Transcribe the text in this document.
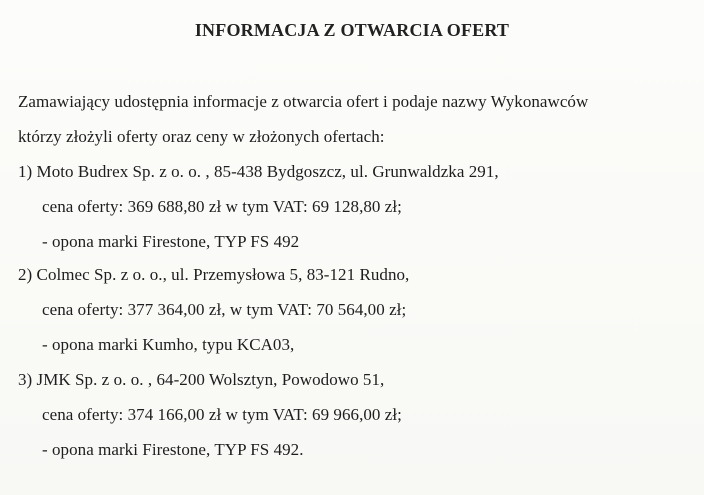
INFORMACJA Z OTWARCIA OFERT
Zamawiający udostępnia informacje z otwarcia ofert i podaje nazwy Wykonawców
którzy złożyli oferty oraz ceny w złożonych ofertach:
1) Moto Budrex Sp. z o. o. , 85-438 Bydgoszcz, ul. Grunwaldzka 291,
cena oferty: 369 688,80 zł w tym VAT: 69 128,80 zł;
- opona marki Firestone, TYP FS 492
2) Colmec Sp. z o. o., ul. Przemysłowa 5, 83-121 Rudno,
cena oferty: 377 364,00 zł, w tym VAT: 70 564,00 zł;
- opona marki Kumho, typu KCA03,
3) JMK Sp. z o. o. , 64-200 Wolsztyn, Powodowo 51,
cena oferty: 374 166,00 zł w tym VAT: 69 966,00 zł;
- opona marki Firestone, TYP FS 492.
